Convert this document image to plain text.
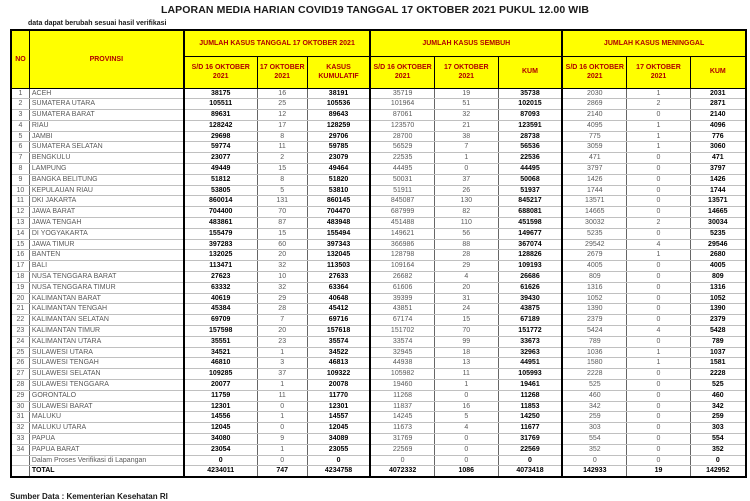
LAPORAN MEDIA HARIAN COVID19 TANGGAL 17 OKTOBER 2021 PUKUL 12.00 WIB
data dapat berubah sesuai hasil verifikasi
NO	PROVINSI	JUMLAH KASUS TANGGAL 17 OKTOBER 2021			JUMLAH KASUS SEMBUH			JUMLAH KASUS MENINGGAL		
		S/D 16 OKTOBER 2021	17 OKTOBER 2021	KASUS KUMULATIF	S/D 16 OKTOBER 2021	17 OKTOBER 2021	KUM	S/D 16 OKTOBER 2021	17 OKTOBER 2021	KUM
1	ACEH	38175	16	38191	35719	19	35738	2030	1	2031
2	SUMATERA UTARA	105511	25	105536	101964	51	102015	2869	2	2871
3	SUMATERA BARAT	89631	12	89643	87061	32	87093	2140	0	2140
4	RIAU	128242	17	128259	123570	21	123591	4095	1	4096
5	JAMBI	29698	8	29706	28700	38	28738	775	1	776
6	SUMATERA SELATAN	59774	11	59785	56529	7	56536	3059	1	3060
7	BENGKULU	23077	2	23079	22535	1	22536	471	0	471
8	LAMPUNG	49449	15	49464	44495	0	44495	3797	0	3797
9	BANGKA BELITUNG	51812	8	51820	50031	37	50068	1426	0	1426
10	KEPULAUAN RIAU	53805	5	53810	51911	26	51937	1744	0	1744
11	DKI JAKARTA	860014	131	860145	845087	130	845217	13571	0	13571
12	JAWA BARAT	704400	70	704470	687999	82	688081	14665	0	14665
13	JAWA TENGAH	483861	87	483948	451488	110	451598	30032	2	30034
14	DI YOGYAKARTA	155479	15	155494	149621	56	149677	5235	0	5235
15	JAWA TIMUR	397283	60	397343	366986	88	367074	29542	4	29546
16	BANTEN	132025	20	132045	128798	28	128826	2679	1	2680
17	BALI	113471	32	113503	109164	29	109193	4005	0	4005
18	NUSA TENGGARA BARAT	27623	10	27633	26682	4	26686	809	0	809
19	NUSA TENGGARA TIMUR	63332	32	63364	61606	20	61626	1316	0	1316
20	KALIMANTAN BARAT	40619	29	40648	39399	31	39430	1052	0	1052
21	KALIMANTAN TENGAH	45384	28	45412	43851	24	43875	1390	0	1390
22	KALIMANTAN SELATAN	69709	7	69716	67174	15	67189	2379	0	2379
23	KALIMANTAN TIMUR	157598	20	157618	151702	70	151772	5424	4	5428
24	KALIMANTAN UTARA	35551	23	35574	33574	99	33673	789	0	789
25	SULAWESI UTARA	34521	1	34522	32945	18	32963	1036	1	1037
26	SULAWESI TENGAH	46810	3	46813	44938	13	44951	1580	1	1581
27	SULAWESI SELATAN	109285	37	109322	105982	11	105993	2228	0	2228
28	SULAWESI TENGGARA	20077	1	20078	19460	1	19461	525	0	525
29	GORONTALO	11759	11	11770	11268	0	11268	460	0	460
30	SULAWESI BARAT	12301	0	12301	11837	16	11853	342	0	342
31	MALUKU	14556	1	14557	14245	5	14250	259	0	259
32	MALUKU UTARA	12045	0	12045	11673	4	11677	303	0	303
33	PAPUA	34080	9	34089	31769	0	31769	554	0	554
34	PAPUA BARAT	23054	1	23055	22569	0	22569	352	0	352
	Dalam Proses Verifikasi di Lapangan	0	0	0	0	0	0	0	0	0
	TOTAL	4234011	747	4234758	4072332	1086	4073418	142933	19	142952
Sumber Data : Kementerian Kesehatan RI
